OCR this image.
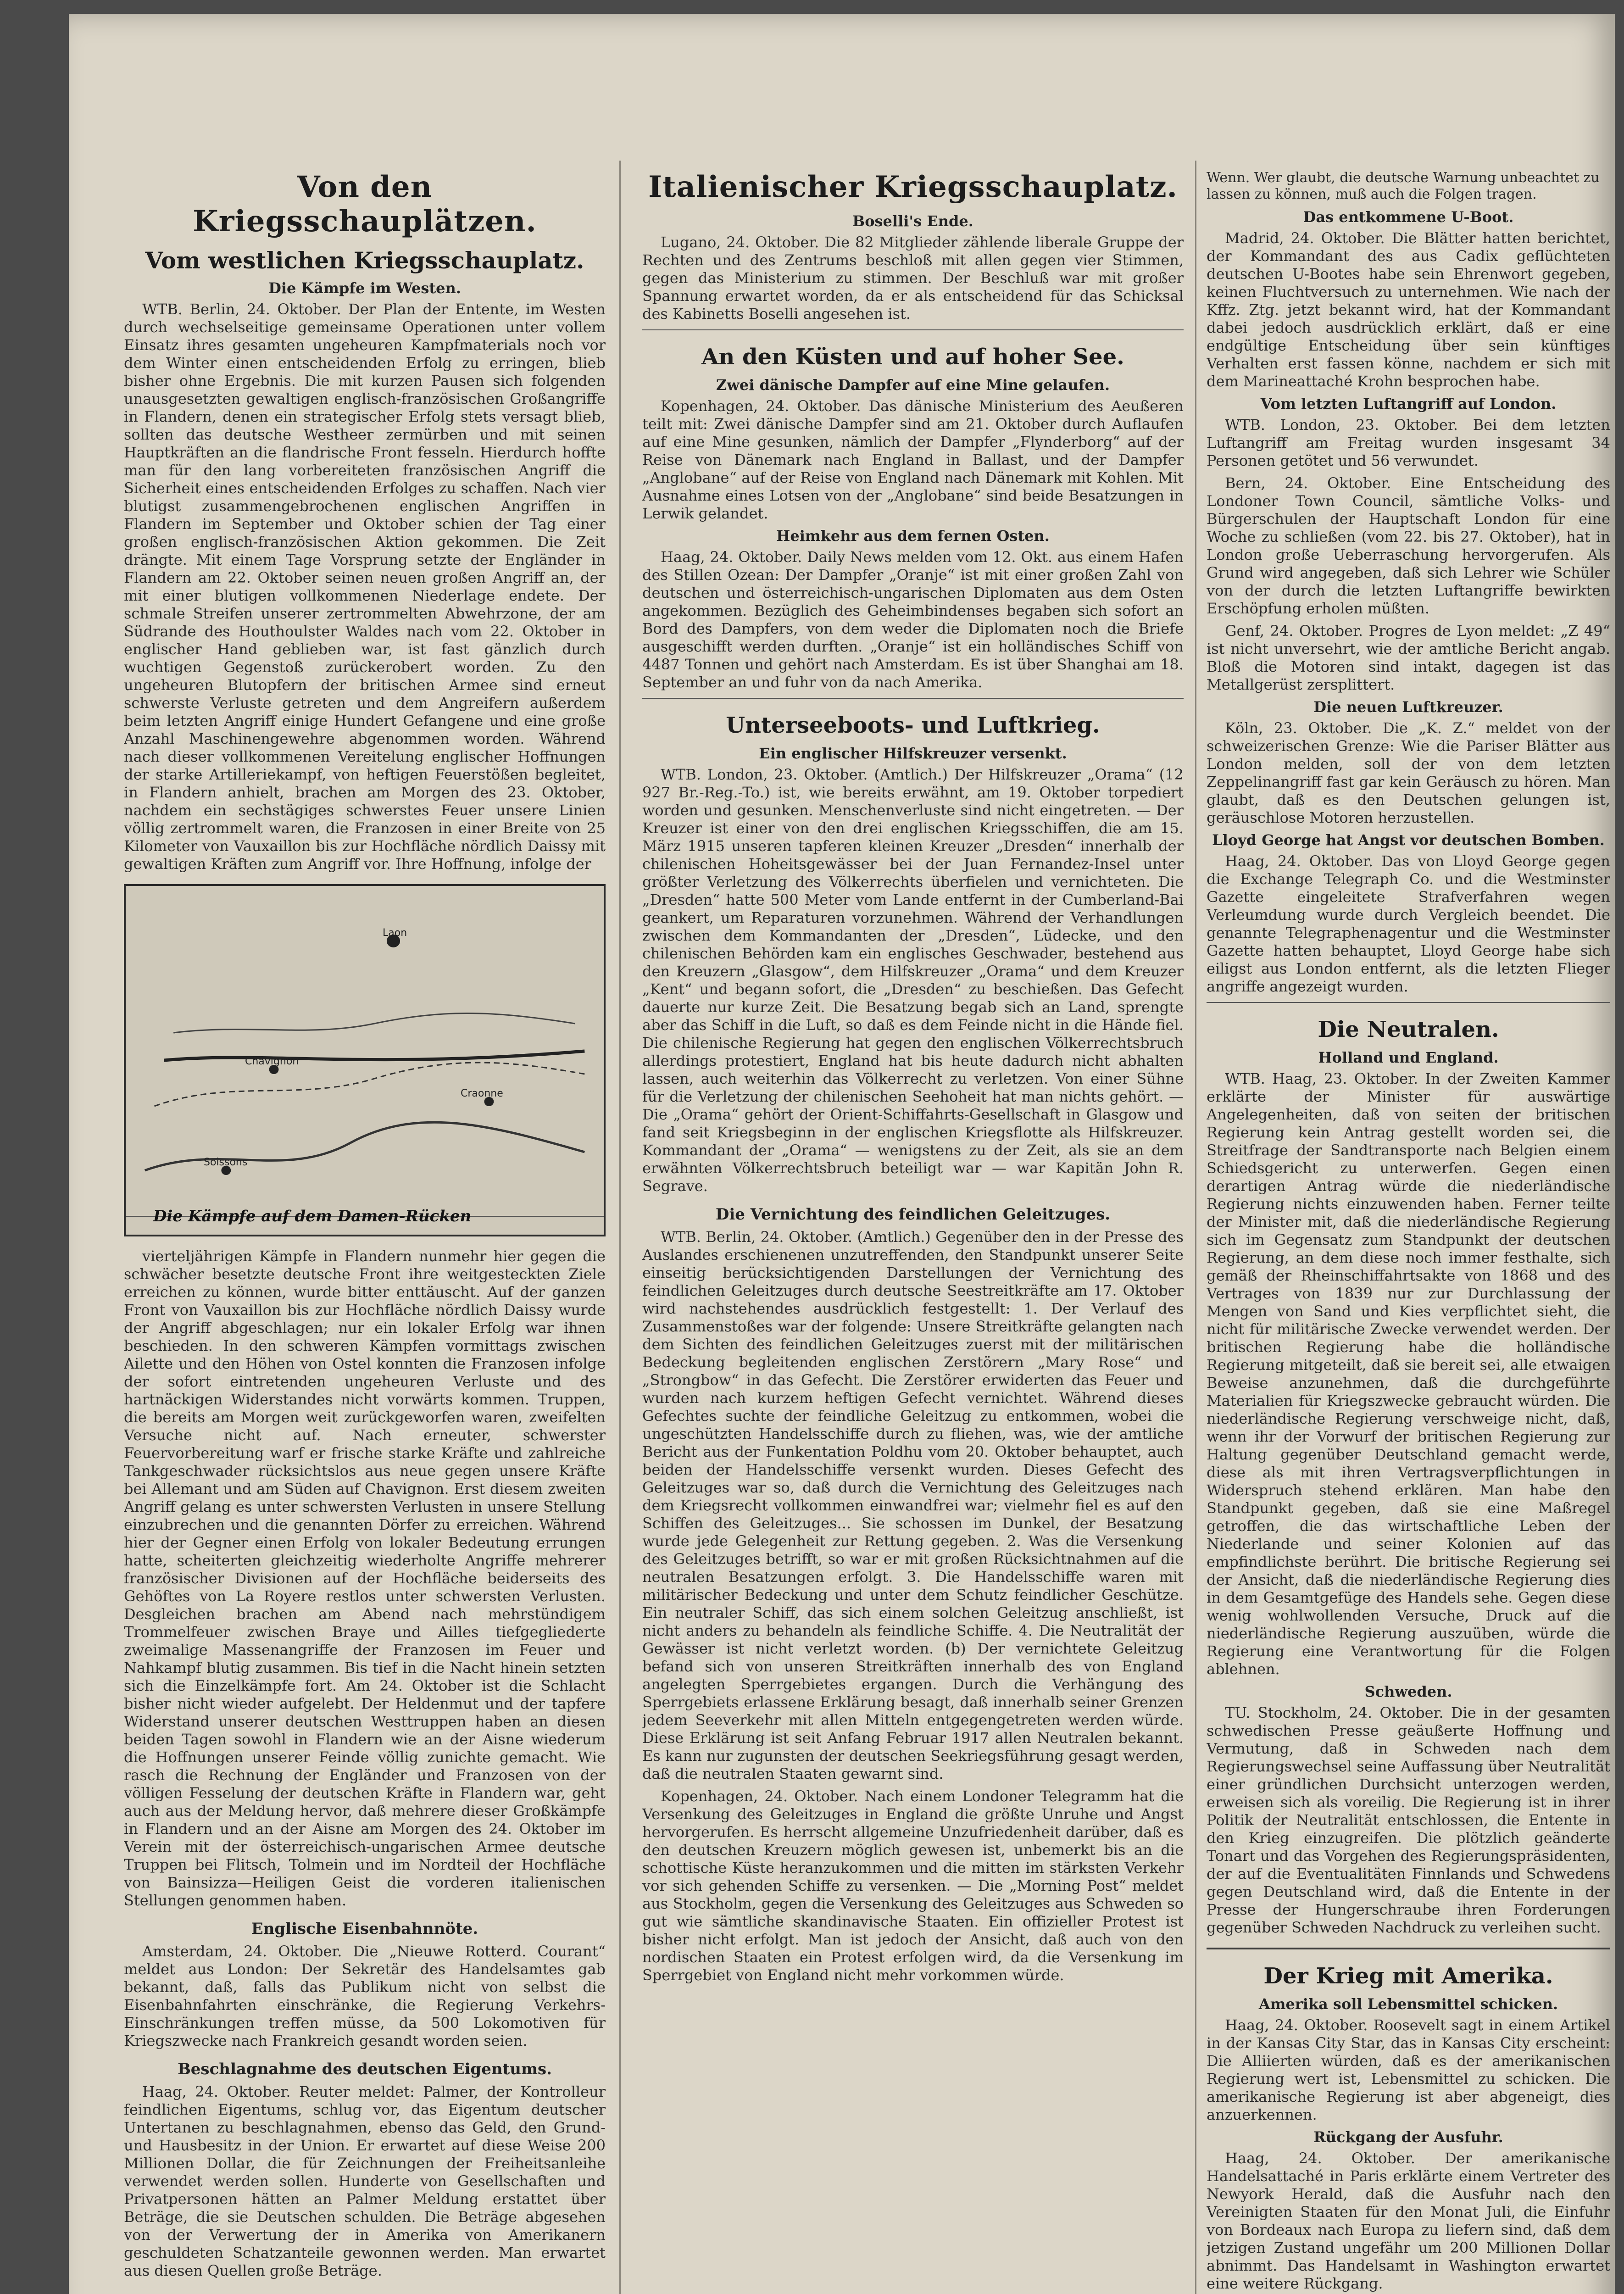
Von den Kriegsschauplätzen.
Vom westlichen Kriegsschauplatz.
Die Kämpfe im Westen.

WTB. Berlin, 24. Oktober. Der Plan der Entente, im Westen durch wechselseitige gemeinsame Operationen unter vollem Einsatz ihres gesamten ungeheuren Kampfmaterials noch vor dem Winter einen entscheidenden Erfolg zu erringen, blieb bisher ohne Ergebnis. Die mit kurzen Pausen sich folgenden unausgesetzten gewaltigen englisch-französischen Großangriffe in Flandern, denen ein strategischer Erfolg stets versagt blieb, sollten das deutsche Westheer zermürben und mit seinen Hauptkräften an die flandrische Front fesseln. Hierdurch hoffte man für den lang vorbereiteten französischen Angriff die Sicherheit eines entscheidenden Erfolges zu schaffen. Nach vier blutigst zusammengebrochenen englischen Angriffen in Flandern im September und Oktober schien der Tag einer großen englisch-französischen Aktion gekommen. Die Zeit drängte. Mit einem Tage Vorsprung setzte der Engländer in Flandern am 22. Oktober seinen neuen großen Angriff an, der mit einer blutigen vollkommenen Niederlage endete. Der schmale Streifen unserer zertrommelten Abwehrzone, der am Südrande des Houthoulster Waldes nach vom 22. Oktober in englischer Hand geblieben war, ist fast gänzlich durch wuchtigen Gegenstoß zurückerobert worden. Zu den ungeheuren Blutopfern der britischen Armee sind erneut schwerste Verluste getreten und dem Angreifern außerdem beim letzten Angriff einige Hundert Gefangene und eine große Anzahl Maschinengewehre abgenommen worden. Während nach dieser vollkommenen Vereitelung englischer Hoffnungen der starke Artilleriekampf, von heftigen Feuerstößen begleitet, in Flandern anhielt, brachen am Morgen des 23. Oktober, nachdem ein sechstägiges schwerstes Feuer unsere Linien völlig zertrommelt waren, die Franzosen in einer Breite von 25 Kilometer von Vauxaillon bis zur Hochfläche nördlich Daissy mit gewaltigen Kräften zum Angriff vor. Ihre Hoffnung, infolge der

Laon
Chavignon
Craonne
Soissons
Die Kämpfe auf dem Damen-Rücken

vierteljährigen Kämpfe in Flandern nunmehr hier gegen die schwächer besetzte deutsche Front ihre weitgesteckten Ziele erreichen zu können, wurde bitter enttäuscht. Auf der ganzen Front von Vauxaillon bis zur Hochfläche nördlich Daissy wurde der Angriff abgeschlagen; nur ein lokaler Erfolg war ihnen beschieden. In den schweren Kämpfen vormittags zwischen Ailette und den Höhen von Ostel konnten die Franzosen infolge der sofort eintretenden ungeheuren Verluste und des hartnäckigen Widerstandes nicht vorwärts kommen. Truppen, die bereits am Morgen weit zurückgeworfen waren, zweifelten Versuche nicht auf. Nach erneuter, schwerster Feuervorbereitung warf er frische starke Kräfte und zahlreiche Tankgeschwader rücksichtslos aus neue gegen unsere Kräfte bei Allemant und am Süden auf Chavignon. Erst diesem zweiten Angriff gelang es unter schwersten Verlusten in unsere Stellung einzubrechen und die genannten Dörfer zu erreichen. Während hier der Gegner einen Erfolg von lokaler Bedeutung errungen hatte, scheiterten gleichzeitig wiederholte Angriffe mehrerer französischer Divisionen auf der Hochfläche beiderseits des Gehöftes von La Royere restlos unter schwersten Verlusten. Desgleichen brachen am Abend nach mehrstündigem Trommelfeuer zwischen Braye und Ailles tiefgegliederte zweimalige Massenangriffe der Franzosen im Feuer und Nahkampf blutig zusammen. Bis tief in die Nacht hinein setzten sich die Einzelkämpfe fort. Am 24. Oktober ist die Schlacht bisher nicht wieder aufgelebt. Der Heldenmut und der tapfere Widerstand unserer deutschen Westtruppen haben an diesen beiden Tagen sowohl in Flandern wie an der Aisne wiederum die Hoffnungen unserer Feinde völlig zunichte gemacht. Wie rasch die Rechnung der Engländer und Franzosen von der völligen Fesselung der deutschen Kräfte in Flandern war, geht auch aus der Meldung hervor, daß mehrere dieser Großkämpfe in Flandern und an der Aisne am Morgen des 24. Oktober im Verein mit der österreichisch-ungarischen Armee deutsche Truppen bei Flitsch, Tolmein und im Nordteil der Hochfläche von Bainsizza—Heiligen Geist die vorderen italienischen Stellungen genommen haben.

Englische Eisenbahnnöte.

Amsterdam, 24. Oktober. Die „Nieuwe Rotterd. Courant“ meldet aus London: Der Sekretär des Handelsamtes gab bekannt, daß, falls das Publikum nicht von selbst die Eisenbahnfahrten einschränke, die Regierung Verkehrs-Einschränkungen treffen müsse, da 500 Lokomotiven für Kriegszwecke nach Frankreich gesandt worden seien.

Beschlagnahme des deutschen Eigentums.

Haag, 24. Oktober. Reuter meldet: Palmer, der Kontrolleur feindlichen Eigentums, schlug vor, das Eigentum deutscher Untertanen zu beschlagnahmen, ebenso das Geld, den Grund- und Hausbesitz in der Union. Er erwartet auf diese Weise 200 Millionen Dollar, die für Zeichnungen der Freiheitsanleihe verwendet werden sollen. Hunderte von Gesellschaften und Privatpersonen hätten an Palmer Meldung erstattet über Beträge, die sie Deutschen schulden. Die Beträge abgesehen von der Verwertung der in Amerika von Amerikanern geschuldeten Schatzanteile gewonnen werden. Man erwartet aus diesen Quellen große Beträge.

Italienischer Kriegsschauplatz.
Boselli's Ende.

Lugano, 24. Oktober. Die 82 Mitglieder zählende liberale Gruppe der Rechten und des Zentrums beschloß mit allen gegen vier Stimmen, gegen das Ministerium zu stimmen. Der Beschluß war mit großer Spannung erwartet worden, da er als entscheidend für das Schicksal des Kabinetts Boselli angesehen ist.

An den Küsten und auf hoher See.
Zwei dänische Dampfer auf eine Mine gelaufen.

Kopenhagen, 24. Oktober. Das dänische Ministerium des Aeußeren teilt mit: Zwei dänische Dampfer sind am 21. Oktober durch Auflaufen auf eine Mine gesunken, nämlich der Dampfer „Flynderborg“ auf der Reise von Dänemark nach England in Ballast, und der Dampfer „Anglobane“ auf der Reise von England nach Dänemark mit Kohlen. Mit Ausnahme eines Lotsen von der „Anglobane“ sind beide Besatzungen in Lerwik gelandet.

Heimkehr aus dem fernen Osten.

Haag, 24. Oktober. Daily News melden vom 12. Okt. aus einem Hafen des Stillen Ozean: Der Dampfer „Oranje“ ist mit einer großen Zahl von deutschen und österreichisch-ungarischen Diplomaten aus dem Osten angekommen. Bezüglich des Geheimbindenses begaben sich sofort an Bord des Dampfers, von dem weder die Diplomaten noch die Briefe ausgeschifft werden durften. „Oranje“ ist ein holländisches Schiff von 4487 Tonnen und gehört nach Amsterdam. Es ist über Shanghai am 18. September an und fuhr von da nach Amerika.

Unterseeboots- und Luftkrieg.
Ein englischer Hilfskreuzer versenkt.

WTB. London, 23. Oktober. (Amtlich.) Der Hilfskreuzer „Orama“ (12 927 Br.-Reg.-To.) ist, wie bereits erwähnt, am 19. Oktober torpediert worden und gesunken. Menschenverluste sind nicht eingetreten. — Der Kreuzer ist einer von den drei englischen Kriegsschiffen, die am 15. März 1915 unseren tapferen kleinen Kreuzer „Dresden“ innerhalb der chilenischen Hoheitsgewässer bei der Juan Fernandez-Insel unter größter Verletzung des Völkerrechts überfielen und vernichteten. Die „Dresden“ hatte 500 Meter vom Lande entfernt in der Cumberland-Bai geankert, um Reparaturen vorzunehmen. Während der Verhandlungen zwischen dem Kommandanten der „Dresden“, Lüdecke, und den chilenischen Behörden kam ein englisches Geschwader, bestehend aus den Kreuzern „Glasgow“, dem Hilfskreuzer „Orama“ und dem Kreuzer „Kent“ und begann sofort, die „Dresden“ zu beschießen. Das Gefecht dauerte nur kurze Zeit. Die Besatzung begab sich an Land, sprengte aber das Schiff in die Luft, so daß es dem Feinde nicht in die Hände fiel. Die chilenische Regierung hat gegen den englischen Völkerrechtsbruch allerdings protestiert, England hat bis heute dadurch nicht abhalten lassen, auch weiterhin das Völkerrecht zu verletzen. Von einer Sühne für die Verletzung der chilenischen Seehoheit hat man nichts gehört. — Die „Orama“ gehört der Orient-Schiffahrts-Gesellschaft in Glasgow und fand seit Kriegsbeginn in der englischen Kriegsflotte als Hilfskreuzer. Kommandant der „Orama“ — wenigstens zu der Zeit, als sie an dem erwähnten Völkerrechtsbruch beteiligt war — war Kapitän John R. Segrave.

Die Vernichtung des feindlichen Geleitzuges.

WTB. Berlin, 24. Oktober. (Amtlich.) Gegenüber den in der Presse des Auslandes erschienenen unzutreffenden, den Standpunkt unserer Seite einseitig berücksichtigenden Darstellungen der Vernichtung des feindlichen Geleitzuges durch deutsche Seestreitkräfte am 17. Oktober wird nachstehendes ausdrücklich festgestellt: 1. Der Verlauf des Zusammenstoßes war der folgende: Unsere Streitkräfte gelangten nach dem Sichten des feindlichen Geleitzuges zuerst mit der militärischen Bedeckung begleitenden englischen Zerstörern „Mary Rose“ und „Strongbow“ in das Gefecht. Die Zerstörer erwiderten das Feuer und wurden nach kurzem heftigen Gefecht vernichtet. Während dieses Gefechtes suchte der feindliche Geleitzug zu entkommen, wobei die ungeschützten Handelsschiffe durch zu fliehen, was, wie der amtliche Bericht aus der Funkentation Poldhu vom 20. Oktober behauptet, auch beiden der Handelsschiffe versenkt wurden. Dieses Gefecht des Geleitzuges war so, daß durch die Vernichtung des Geleitzuges nach dem Kriegsrecht vollkommen einwandfrei war; vielmehr fiel es auf den Schiffen des Geleitzuges... Sie schossen im Dunkel, der Besatzung wurde jede Gelegenheit zur Rettung gegeben. 2. Was die Versenkung des Geleitzuges betrifft, so war er mit großen Rücksichtnahmen auf die neutralen Besatzungen erfolgt. 3. Die Handelsschiffe waren mit militärischer Bedeckung und unter dem Schutz feindlicher Geschütze. Ein neutraler Schiff, das sich einem solchen Geleitzug anschließt, ist nicht anders zu behandeln als feindliche Schiffe. 4. Die Neutralität der Gewässer ist nicht verletzt worden. (b) Der vernichtete Geleitzug befand sich von unseren Streitkräften innerhalb des von England angelegten Sperrgebietes ergangen. Durch die Verhängung des Sperrgebiets erlassene Erklärung besagt, daß innerhalb seiner Grenzen jedem Seeverkehr mit allen Mitteln entgegengetreten werden würde. Diese Erklärung ist seit Anfang Februar 1917 allen Neutralen bekannt. Es kann nur zugunsten der deutschen Seekriegsführung gesagt werden, daß die neutralen Staaten gewarnt sind.

Kopenhagen, 24. Oktober. Nach einem Londoner Telegramm hat die Versenkung des Geleitzuges in England die größte Unruhe und Angst hervorgerufen. Es herrscht allgemeine Unzufriedenheit darüber, daß es den deutschen Kreuzern möglich gewesen ist, unbemerkt bis an die schottische Küste heranzukommen und die mitten im stärksten Verkehr vor sich gehenden Schiffe zu versenken. — Die „Morning Post“ meldet aus Stockholm, gegen die Versenkung des Geleitzuges aus Schweden so gut wie sämtliche skandinavische Staaten. Ein offizieller Protest ist bisher nicht erfolgt. Man ist jedoch der Ansicht, daß auch von den nordischen Staaten ein Protest erfolgen wird, da die Versenkung im Sperrgebiet von England nicht mehr vorkommen würde.

Wenn. Wer glaubt, die deutsche Warnung unbeachtet zu lassen zu können, muß auch die Folgen tragen.
Das entkommene U-Boot.

Madrid, 24. Oktober. Die Blätter hatten berichtet, der Kommandant des aus Cadix geflüchteten deutschen U-Bootes habe sein Ehrenwort gegeben, keinen Fluchtversuch zu unternehmen. Wie nach der Kffz. Ztg. jetzt bekannt wird, hat der Kommandant dabei jedoch ausdrücklich erklärt, daß er eine endgültige Entscheidung über sein künftiges Verhalten erst fassen könne, nachdem er sich mit dem Marineattaché Krohn besprochen habe.

Vom letzten Luftangriff auf London.

WTB. London, 23. Oktober. Bei dem letzten Luftangriff am Freitag wurden insgesamt 34 Personen getötet und 56 verwundet.

Bern, 24. Oktober. Eine Entscheidung des Londoner Town Council, sämtliche Volks- und Bürgerschulen der Hauptschaft London für eine Woche zu schließen (vom 22. bis 27. Oktober), hat in London große Ueberraschung hervorgerufen. Als Grund wird angegeben, daß sich Lehrer wie Schüler von der durch die letzten Luftangriffe bewirkten Erschöpfung erholen müßten.

Genf, 24. Oktober. Progres de Lyon meldet: „Z 49“ ist nicht unversehrt, wie der amtliche Bericht angab. Bloß die Motoren sind intakt, dagegen ist das Metallgerüst zersplittert.

Die neuen Luftkreuzer.

Köln, 23. Oktober. Die „K. Z.“ meldet von der schweizerischen Grenze: Wie die Pariser Blätter aus London melden, soll der von dem letzten Zeppelinangriff fast gar kein Geräusch zu hören. Man glaubt, daß es den Deutschen gelungen ist, geräuschlose Motoren herzustellen.

Lloyd George hat Angst vor deutschen Bomben.

Haag, 24. Oktober. Das von Lloyd George gegen die Exchange Telegraph Co. und die Westminster Gazette eingeleitete Strafverfahren wegen Verleumdung wurde durch Vergleich beendet. Die genannte Telegraphenagentur und die Westminster Gazette hatten behauptet, Lloyd George habe sich eiligst aus London entfernt, als die letzten Flieger angriffe angezeigt wurden.

Die Neutralen.
Holland und England.

WTB. Haag, 23. Oktober. In der Zweiten Kammer erklärte der Minister für auswärtige Angelegenheiten, daß von seiten der britischen Regierung kein Antrag gestellt worden sei, die Streitfrage der Sandtransporte nach Belgien einem Schiedsgericht zu unterwerfen. Gegen einen derartigen Antrag würde die niederländische Regierung nichts einzuwenden haben. Ferner teilte der Minister mit, daß die niederländische Regierung sich im Gegensatz zum Standpunkt der deutschen Regierung, an dem diese noch immer festhalte, sich gemäß der Rheinschiffahrtsakte von 1868 und des Vertrages von 1839 nur zur Durchlassung der Mengen von Sand und Kies verpflichtet sieht, die nicht für militärische Zwecke verwendet werden. Der britischen Regierung habe die holländische Regierung mitgeteilt, daß sie bereit sei, alle etwaigen Beweise anzunehmen, daß die durchgeführte Materialien für Kriegszwecke gebraucht würden. Die niederländische Regierung verschweige nicht, daß, wenn ihr der Vorwurf der britischen Regierung zur Haltung gegenüber Deutschland gemacht werde, diese als mit ihren Vertragsverpflichtungen in Widerspruch stehend erklären. Man habe den Standpunkt gegeben, daß sie eine Maßregel getroffen, die das wirtschaftliche Leben der Niederlande und seiner Kolonien auf das empfindlichste berührt. Die britische Regierung sei der Ansicht, daß die niederländische Regierung dies in dem Gesamtgefüge des Handels sehe. Gegen diese wenig wohlwollenden Versuche, Druck auf die niederländische Regierung auszuüben, würde die Regierung eine Verantwortung für die Folgen ablehnen.

Schweden.

TU. Stockholm, 24. Oktober. Die in der gesamten schwedischen Presse geäußerte Hoffnung und Vermutung, daß in Schweden nach dem Regierungswechsel seine Auffassung über Neutralität einer gründlichen Durchsicht unterzogen werden, erweisen sich als voreilig. Die Regierung ist in ihrer Politik der Neutralität entschlossen, die Entente in den Krieg einzugreifen. Die plötzlich geänderte Tonart und das Vorgehen des Regierungspräsidenten, der auf die Eventualitäten Finnlands und Schwedens gegen Deutschland wird, daß die Entente in der Presse der Hungerschraube ihren Forderungen gegenüber Schweden Nachdruck zu verleihen sucht.

Der Krieg mit Amerika.
Amerika soll Lebensmittel schicken.

Haag, 24. Oktober. Roosevelt sagt in einem Artikel in der Kansas City Star, das in Kansas City erscheint: Die Alliierten würden, daß es der amerikanischen Regierung wert ist, Lebensmittel zu schicken. Die amerikanische Regierung ist aber abgeneigt, dies anzuerkennen.

Rückgang der Ausfuhr.

Haag, 24. Oktober. Der amerikanische Handelsattaché in Paris erklärte einem Vertreter des Newyork Herald, daß die Ausfuhr nach den Vereinigten Staaten für den Monat Juli, die Einfuhr von Bordeaux nach Europa zu liefern sind, daß dem jetzigen Zustand ungefähr um 200 Millionen Dollar abnimmt. Das Handelsamt in Washington erwartet eine weitere Rückgang.
